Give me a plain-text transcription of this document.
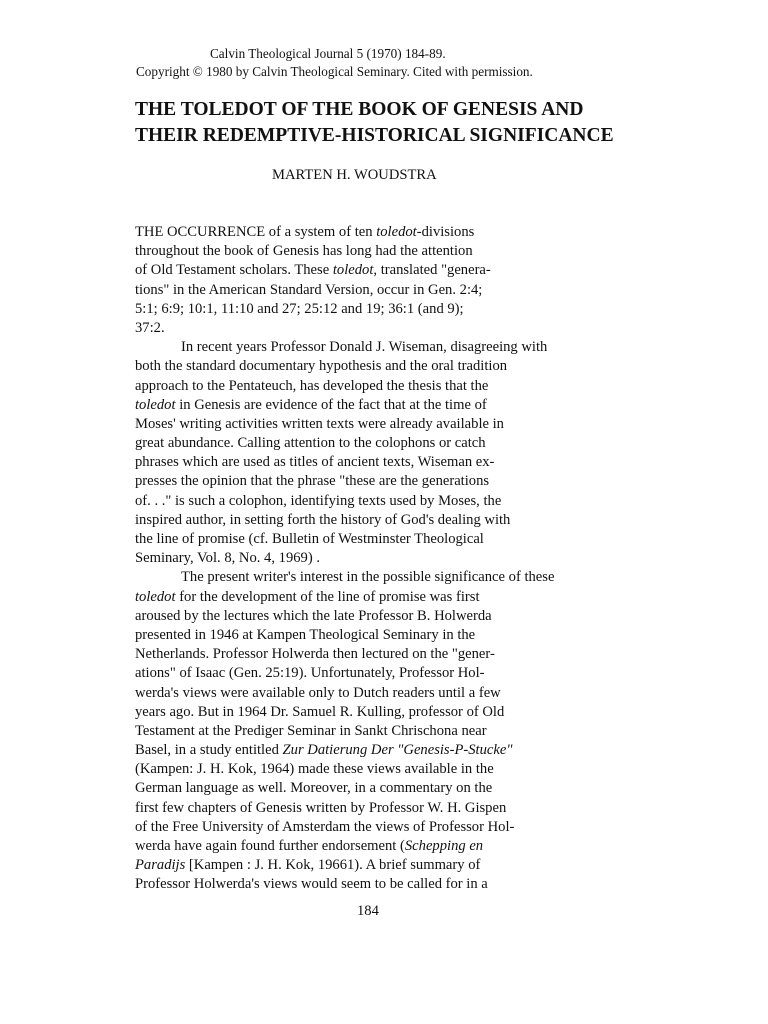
Calvin Theological Journal 5 (1970) 184-89.
Copyright © 1980 by Calvin Theological Seminary. Cited with permission.
THE TOLEDOT OF THE BOOK OF GENESIS AND
THEIR REDEMPTIVE-HISTORICAL SIGNIFICANCE
MARTEN H. WOUDSTRA
THE OCCURRENCE of a system of ten toledot-divisions
throughout the book of Genesis has long had the attention
of Old Testament scholars. These toledot, translated "genera-
tions" in the American Standard Version, occur in Gen. 2:4;
5:1; 6:9; 10:1, 11:10 and 27; 25:12 and 19; 36:1 (and 9);
37:2.
In recent years Professor Donald J. Wiseman, disagreeing with
both the standard documentary hypothesis and the oral tradition
approach to the Pentateuch, has developed the thesis that the
toledot in Genesis are evidence of the fact that at the time of
Moses' writing activities written texts were already available in
great abundance. Calling attention to the colophons or catch
phrases which are used as titles of ancient texts, Wiseman ex-
presses the opinion that the phrase "these are the generations
of. . ." is such a colophon, identifying texts used by Moses, the
inspired author, in setting forth the history of God's dealing with
the line of promise (cf. Bulletin of Westminster Theological
Seminary, Vol. 8, No. 4, 1969) .
The present writer's interest in the possible significance of these
toledot for the development of the line of promise was first
aroused by the lectures which the late Professor B. Holwerda
presented in 1946 at Kampen Theological Seminary in the
Netherlands. Professor Holwerda then lectured on the "gener-
ations" of Isaac (Gen. 25:19). Unfortunately, Professor Hol-
werda's views were available only to Dutch readers until a few
years ago. But in 1964 Dr. Samuel R. Kulling, professor of Old
Testament at the Prediger Seminar in Sankt Chrischona near
Basel, in a study entitled Zur Datierung Der "Genesis-P-Stucke"
(Kampen: J. H. Kok, 1964) made these views available in the
German language as well. Moreover, in a commentary on the
first few chapters of Genesis written by Professor W. H. Gispen
of the Free University of Amsterdam the views of Professor Hol-
werda have again found further endorsement (Schepping en
Paradijs [Kampen : J. H. Kok, 19661). A brief summary of
Professor Holwerda's views would seem to be called for in a
184
